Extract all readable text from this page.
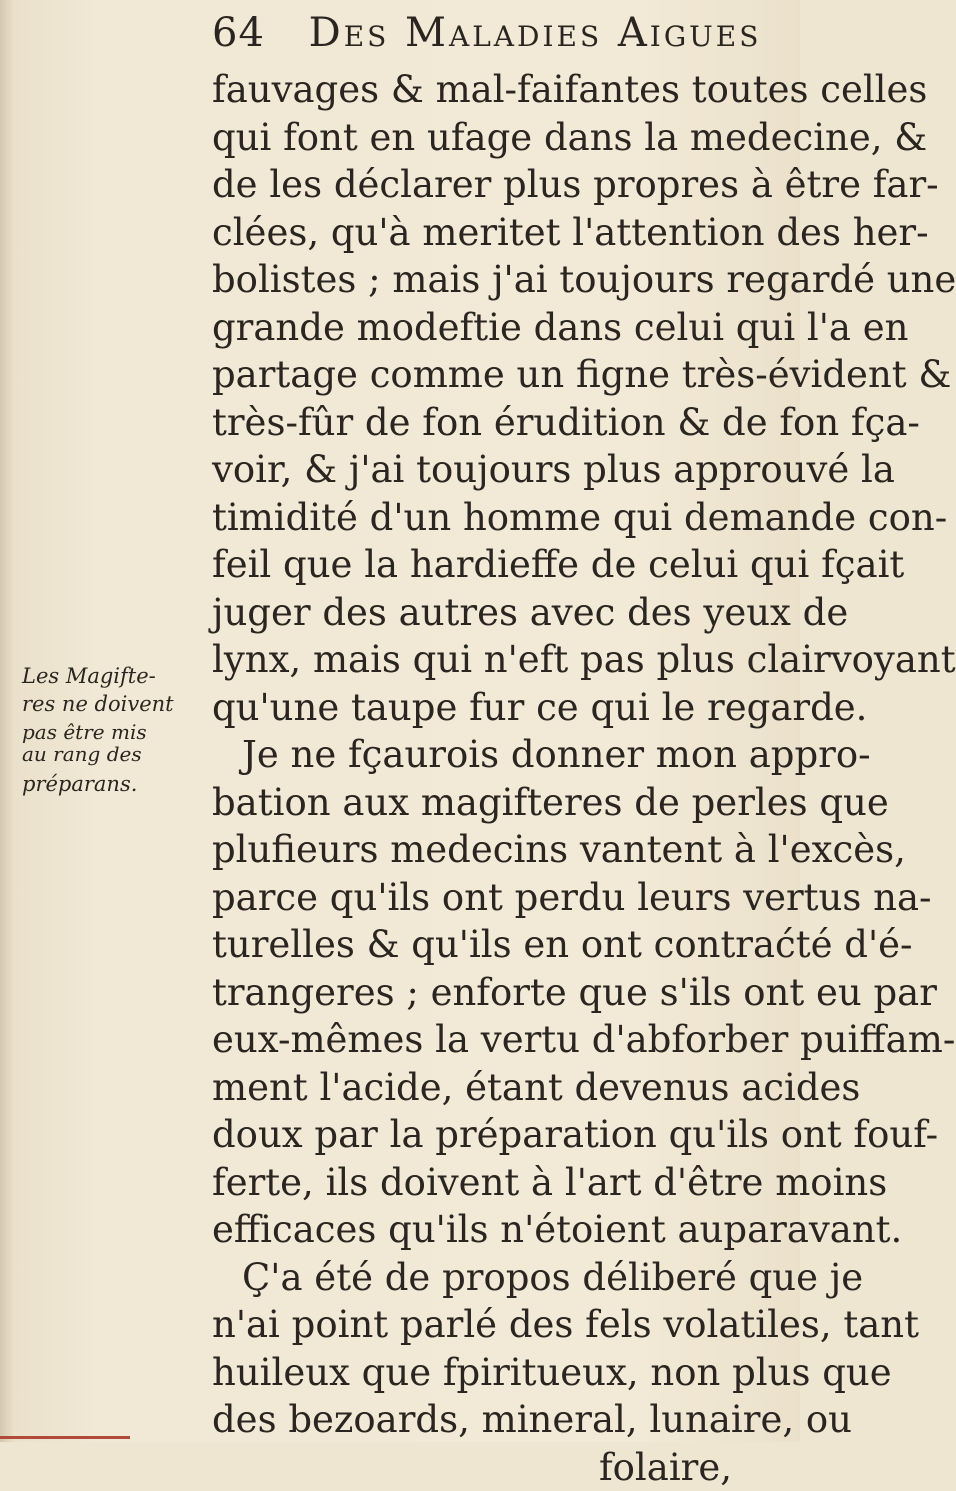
64 Des Maladies Aigues
fauvages & mal-faifantes toutes celles
qui font en ufage dans la medecine, &
de les déclarer plus propres à être far-
clées, qu'à meritet l'attention des her-
bolistes ; mais j'ai toujours regardé une
grande modeftie dans celui qui l'a en
partage comme un figne très-évident &
très-fûr de fon érudition & de fon fça-
voir, & j'ai toujours plus approuvé la
timidité d'un homme qui demande con-
feil que la hardieffe de celui qui fçait
juger des autres avec des yeux de
lynx, mais qui n'eft pas plus clairvoyant
qu'une taupe fur ce qui le regarde.
Je ne fçaurois donner mon appro-
bation aux magifteres de perles que
plufieurs medecins vantent à l'excès,
parce qu'ils ont perdu leurs vertus na-
turelles & qu'ils en ont contraćté d'é-
trangeres ; enforte que s'ils ont eu par
eux-mêmes la vertu d'abforber puiffam-
ment l'acide, étant devenus acides
doux par la préparation qu'ils ont fouf-
ferte, ils doivent à l'art d'être moins
efficaces qu'ils n'étoient auparavant.
Ç'a été de propos déliberé que je
n'ai point parlé des fels volatiles, tant
huileux que fpiritueux, non plus que
des bezoards, mineral, lunaire, ou
folaire,
Les Magifte-
res ne doivent
pas être mis
au rang des
préparans.
